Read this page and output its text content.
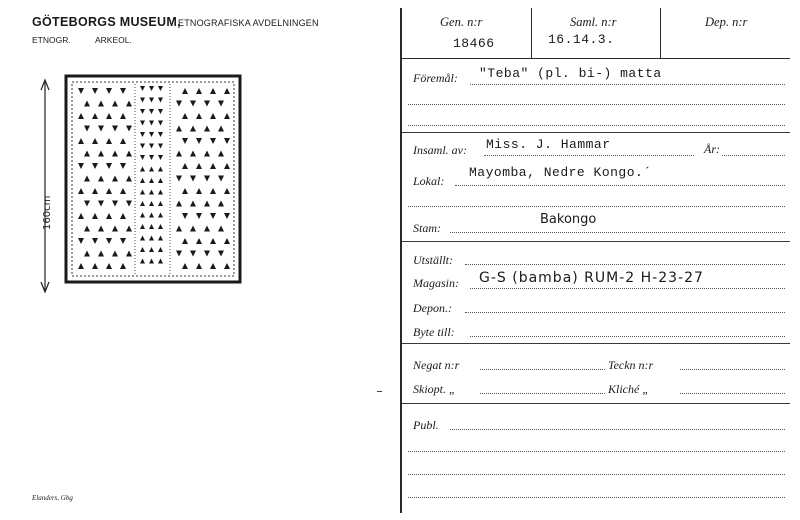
GÖTEBORGS MUSEUM,
ETNOGRAFISKA AVDELNINGEN
ETNOGR.	ARKEOL.
160cm
Elanders, Gbg
Gen. n:r
18466
Saml. n:r
16.14.3.
Dep. n:r
Föremål: "Teba" (pl. bi-) matta
Insaml. av: Miss. J. Hammar	År:
Lokal:
Mayomba, Nedre Kongo.´
Stam:
Bakongo
Utställt:
Magasin: G-S (bamba) RUM-2 H-23-27
Depon.:
Byte till:
Negat n:r	Teckn n:r
Skiopt. „	Kliché „
Publ.
